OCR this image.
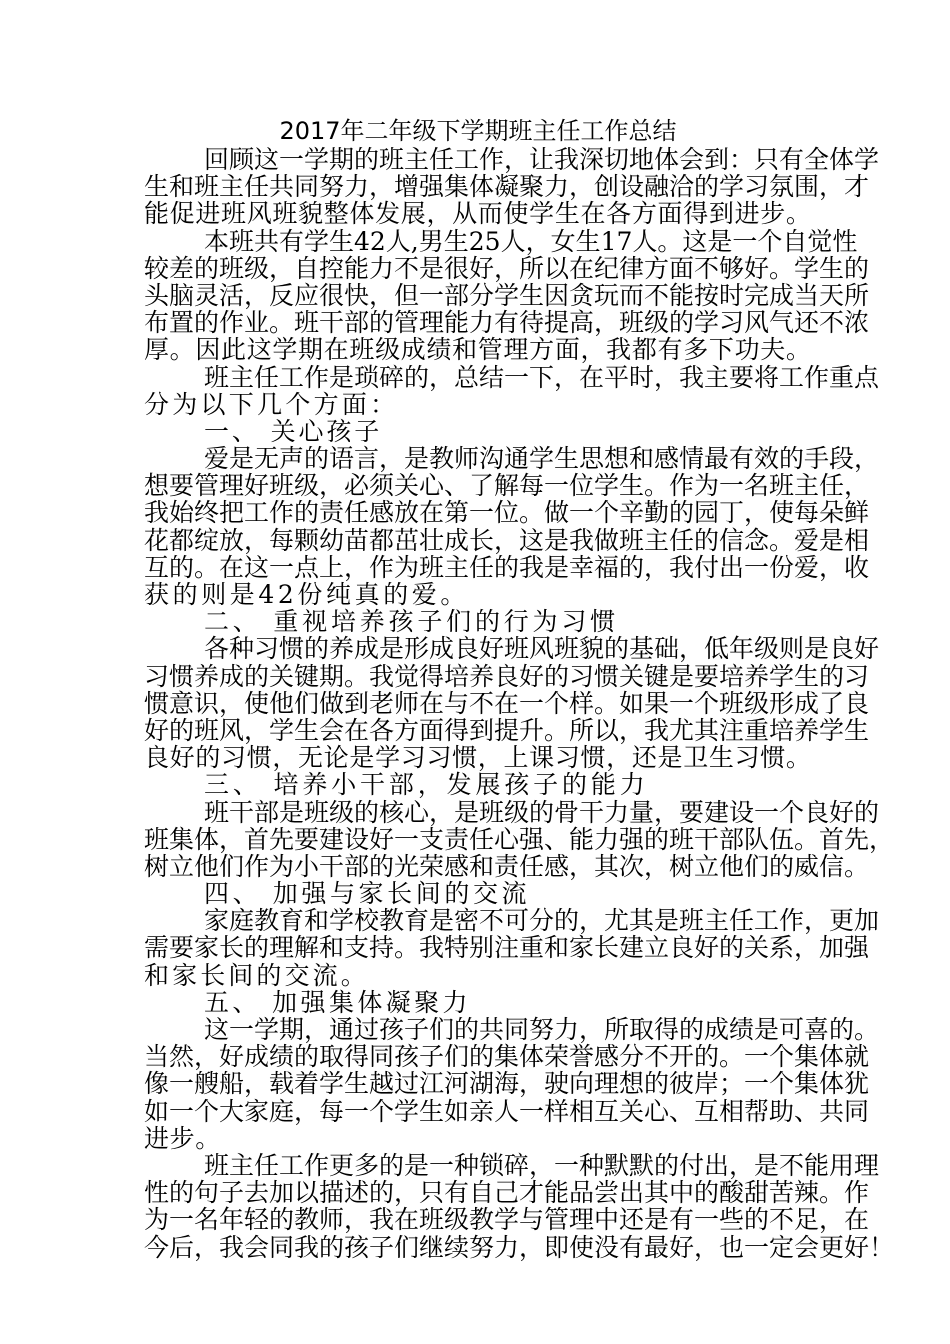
2017年二年级下学期班主任工作总结
回顾这一学期的班主任工作，让我深切地体会到：只有全体学
生和班主任共同努力，增强集体凝聚力，创设融洽的学习氛围，才
能促进班风班貌整体发展，从而使学生在各方面得到进步。
本班共有学生42人,男生25人，女生17人。这是一个自觉性
较差的班级，自控能力不是很好，所以在纪律方面不够好。学生的
头脑灵活，反应很快，但一部分学生因贪玩而不能按时完成当天所
布置的作业。班干部的管理能力有待提高，班级的学习风气还不浓
厚。因此这学期在班级成绩和管理方面，我都有多下功夫。
班主任工作是琐碎的，总结一下，在平时，我主要将工作重点
分为以下几个方面：
一、 关心孩子
爱是无声的语言，是教师沟通学生思想和感情最有效的手段，
想要管理好班级，必须关心、了解每一位学生。作为一名班主任，
我始终把工作的责任感放在第一位。做一个辛勤的园丁，使每朵鲜
花都绽放，每颗幼苗都茁壮成长，这是我做班主任的信念。爱是相
互的。在这一点上，作为班主任的我是幸福的，我付出一份爱，收
获的则是42份纯真的爱。
二、 重视培养孩子们的行为习惯
各种习惯的养成是形成良好班风班貌的基础，低年级则是良好
习惯养成的关键期。我觉得培养良好的习惯关键是要培养学生的习
惯意识，使他们做到老师在与不在一个样。如果一个班级形成了良
好的班风，学生会在各方面得到提升。所以，我尤其注重培养学生
良好的习惯，无论是学习习惯，上课习惯，还是卫生习惯。
三、 培养小干部，发展孩子的能力
班干部是班级的核心，是班级的骨干力量，要建设一个良好的
班集体，首先要建设好一支责任心强、能力强的班干部队伍。首先，
树立他们作为小干部的光荣感和责任感，其次，树立他们的威信。
四、 加强与家长间的交流
家庭教育和学校教育是密不可分的，尤其是班主任工作，更加
需要家长的理解和支持。我特别注重和家长建立良好的关系，加强
和家长间的交流。
五、 加强集体凝聚力
这一学期，通过孩子们的共同努力，所取得的成绩是可喜的。
当然，好成绩的取得同孩子们的集体荣誉感分不开的。一个集体就
像一艘船，载着学生越过江河湖海，驶向理想的彼岸；一个集体犹
如一个大家庭，每一个学生如亲人一样相互关心、互相帮助、共同
进步。
班主任工作更多的是一种锁碎，一种默默的付出，是不能用理
性的句子去加以描述的，只有自己才能品尝出其中的酸甜苦辣。作
为一名年轻的教师，我在班级教学与管理中还是有一些的不足，在
今后，我会同我的孩子们继续努力，即使没有最好，也一定会更好！
